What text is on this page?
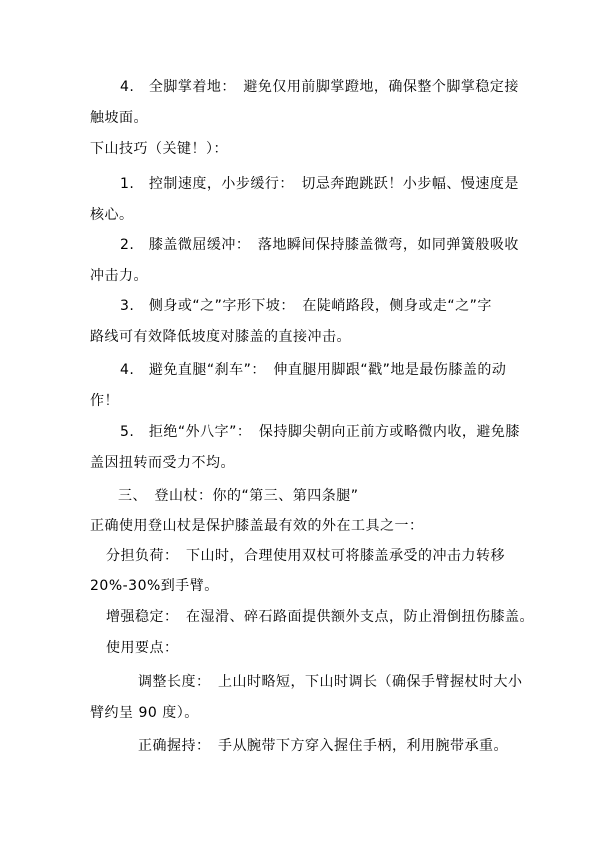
4.　全脚掌着地：　避免仅用前脚掌蹬地，确保整个脚掌稳定接
触坡面。
下山技巧（关键！）：
1.　控制速度，小步缓行：　切忌奔跑跳跃！小步幅、慢速度是
核心。
2.　膝盖微屈缓冲：　落地瞬间保持膝盖微弯，如同弹簧般吸收
冲击力。
3.　侧身或“之”字形下坡：　在陡峭路段，侧身或走“之”字
路线可有效降低坡度对膝盖的直接冲击。
4.　避免直腿“刹车”：　伸直腿用脚跟“戳”地是最伤膝盖的动
作！
5.　拒绝“外八字”：　保持脚尖朝向正前方或略微内收，避免膝
盖因扭转而受力不均。
三、　登山杖：你的“第三、第四条腿”
正确使用登山杖是保护膝盖最有效的外在工具之一：
分担负荷：　下山时，合理使用双杖可将膝盖承受的冲击力转移
20%-30%到手臂。
增强稳定：　在湿滑、碎石路面提供额外支点，防止滑倒扭伤膝盖。
使用要点：
调整长度：　上山时略短，下山时调长（确保手臂握杖时大小
臂约呈 90 度）。
正确握持：　手从腕带下方穿入握住手柄，利用腕带承重。
